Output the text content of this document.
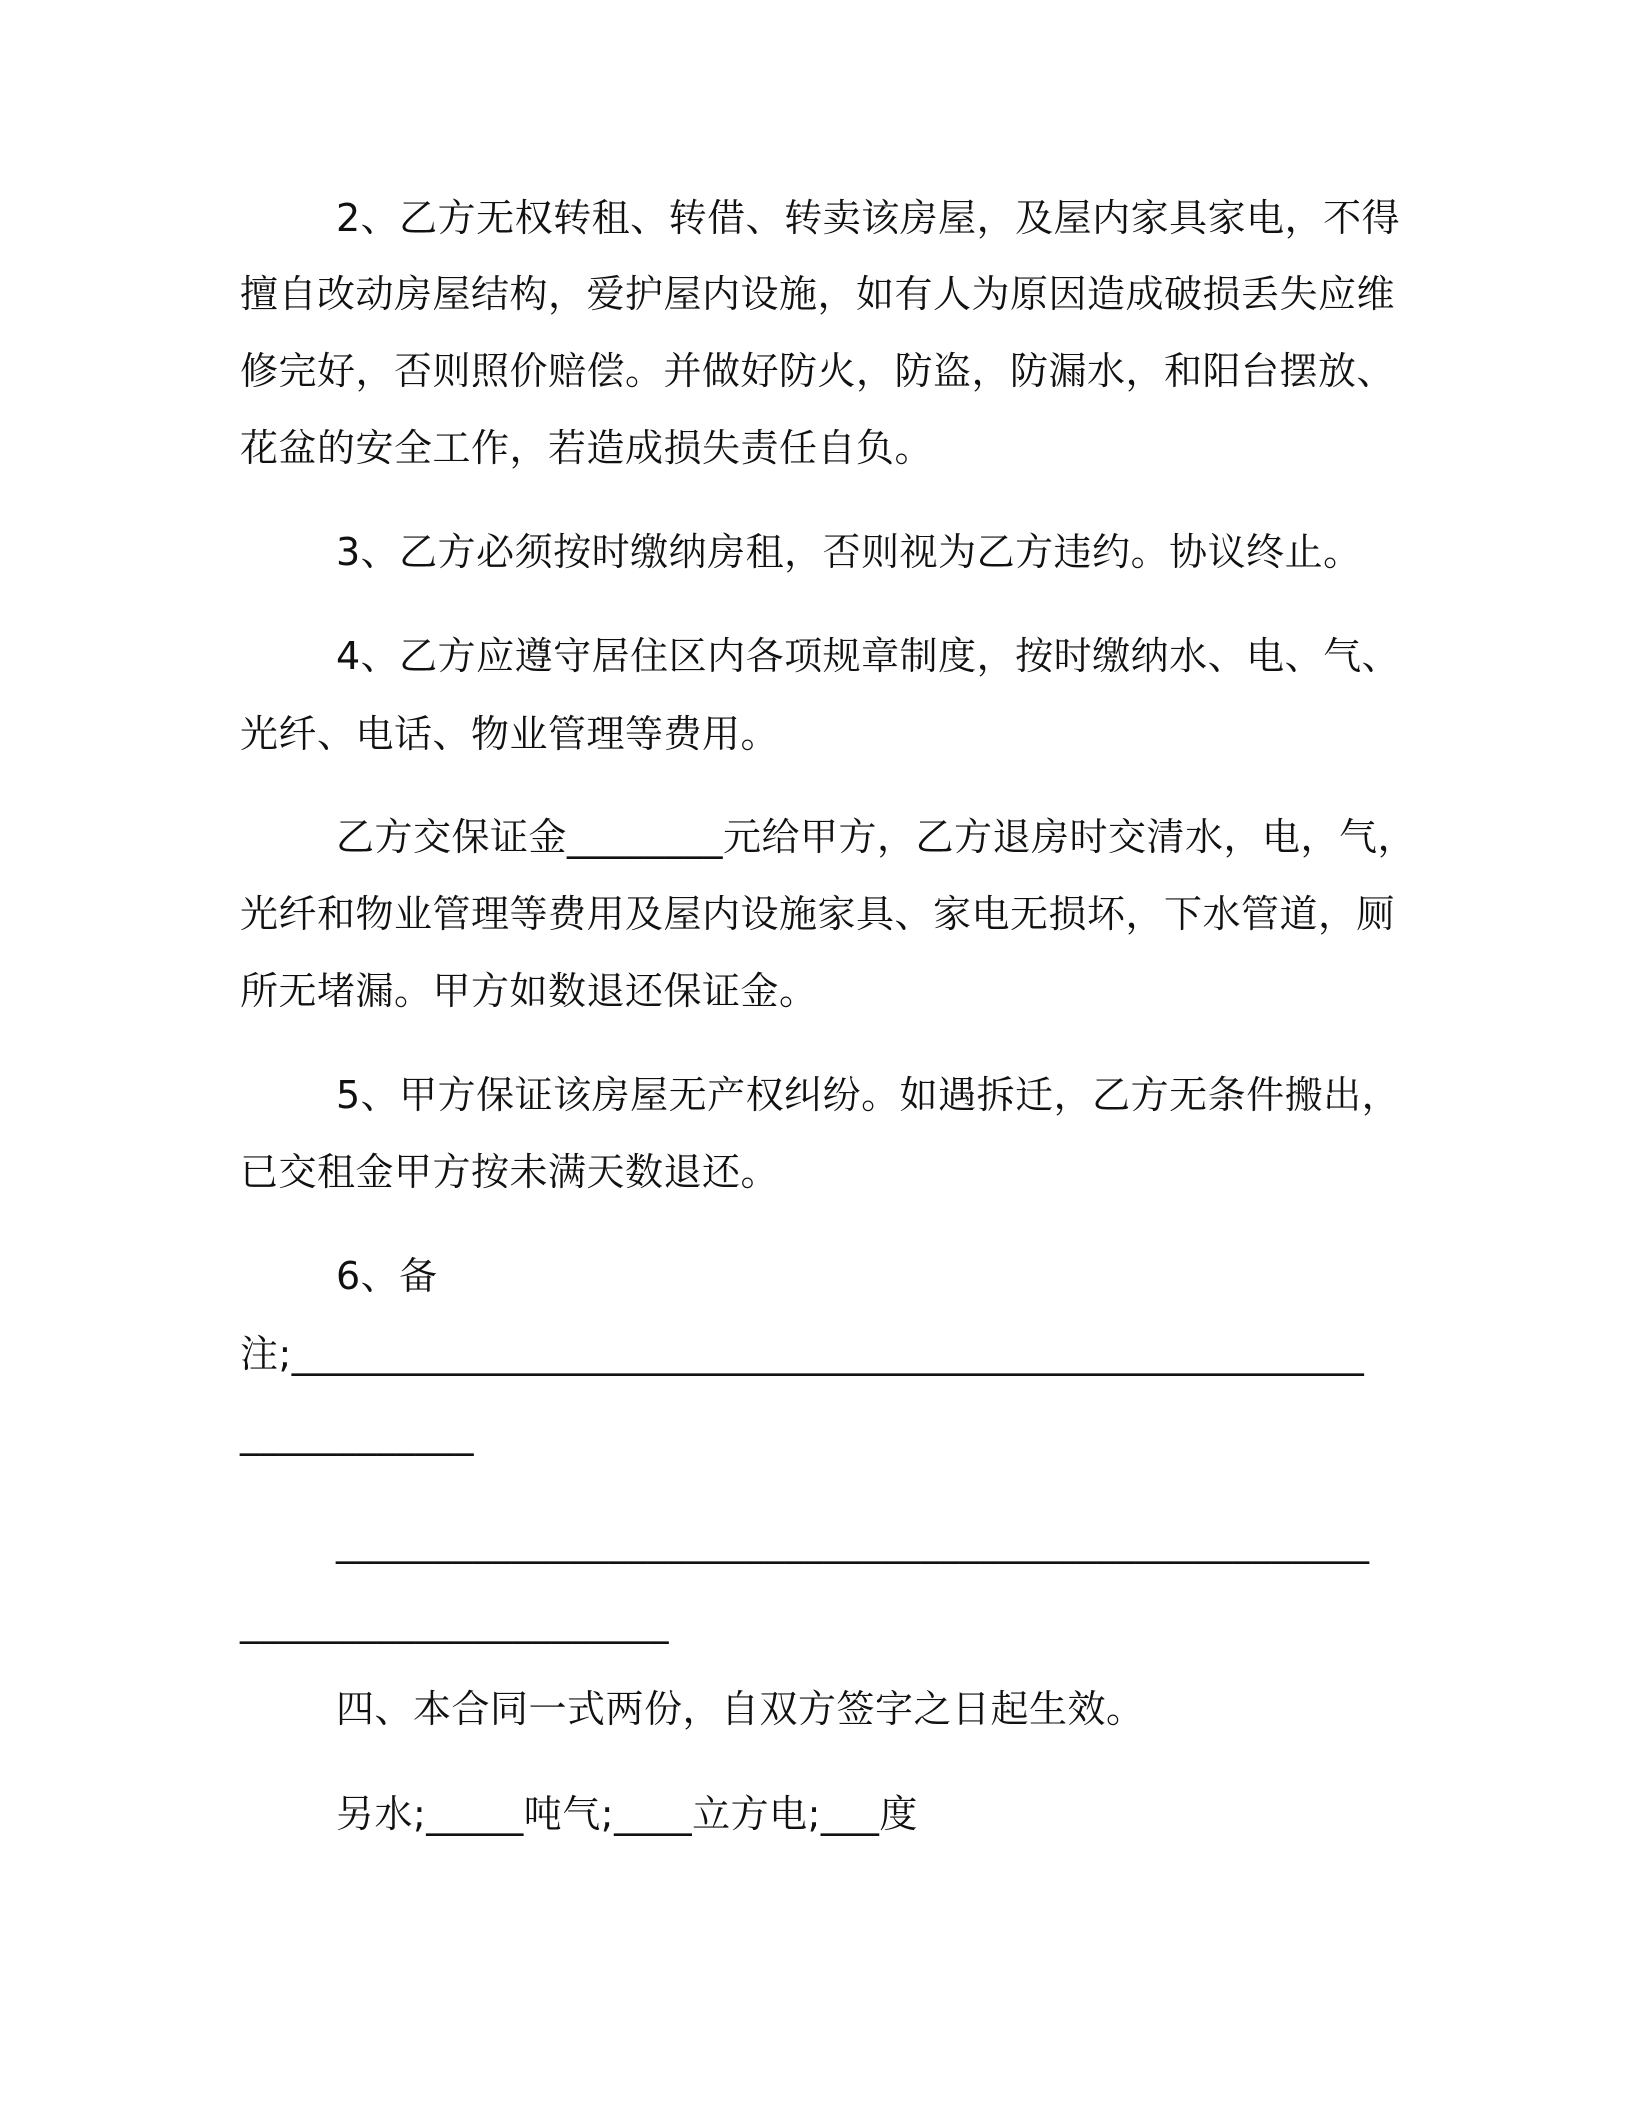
2、乙方无权转租、转借、转卖该房屋，及屋内家具家电，不得
擅自改动房屋结构，爱护屋内设施，如有人为原因造成破损丢失应维
修完好，否则照价赔偿。并做好防火，防盗，防漏水，和阳台摆放、
花盆的安全工作，若造成损失责任自负。
3、乙方必须按时缴纳房租，否则视为乙方违约。协议终止。
4、乙方应遵守居住区内各项规章制度，按时缴纳水、电、气、
光纤、电话、物业管理等费用。
乙方交保证金________元给甲方，乙方退房时交清水，电，气，
光纤和物业管理等费用及屋内设施家具、家电无损坏，下水管道，厕
所无堵漏。甲方如数退还保证金。
5、甲方保证该房屋无产权纠纷。如遇拆迁，乙方无条件搬出，
已交租金甲方按未满天数退还。
6、备
注;_______________________________________________________
____________
_____________________________________________________
______________________
四、本合同一式两份，自双方签字之日起生效。
另水;_____吨气;____立方电;___度
